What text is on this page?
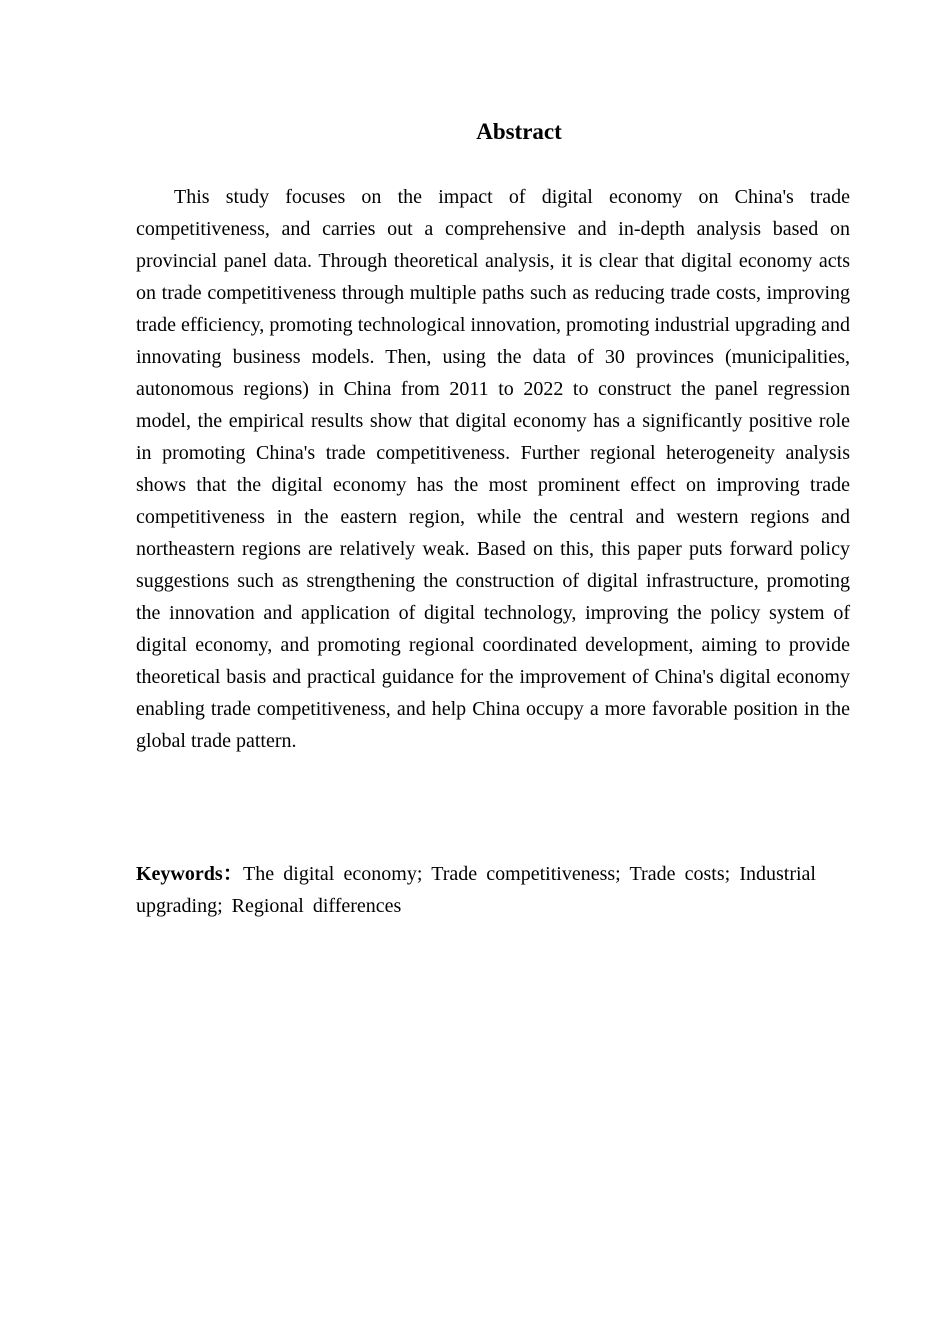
Abstract

This study focuses on the impact of digital economy on China's trade competitiveness, and carries out a comprehensive and in-depth analysis based on provincial panel data. Through theoretical analysis, it is clear that digital economy acts on trade competitiveness through multiple paths such as reducing trade costs, improving trade efficiency, promoting technological innovation, promoting industrial upgrading and innovating business models. Then, using the data of 30 provinces (municipalities, autonomous regions) in China from 2011 to 2022 to construct the panel regression model, the empirical results show that digital economy has a significantly positive role in promoting China's trade competitiveness. Further regional heterogeneity analysis shows that the digital economy has the most prominent effect on improving trade competitiveness in the eastern region, while the central and western regions and northeastern regions are relatively weak. Based on this, this paper puts forward policy suggestions such as strengthening the construction of digital infrastructure, promoting the innovation and application of digital technology, improving the policy system of digital economy, and promoting regional coordinated development, aiming to provide theoretical basis and practical guidance for the improvement of China's digital economy enabling trade competitiveness, and help China occupy a more favorable position in the global trade pattern.

Keywords：The digital economy; Trade competitiveness; Trade costs; Industrial upgrading; Regional differences
